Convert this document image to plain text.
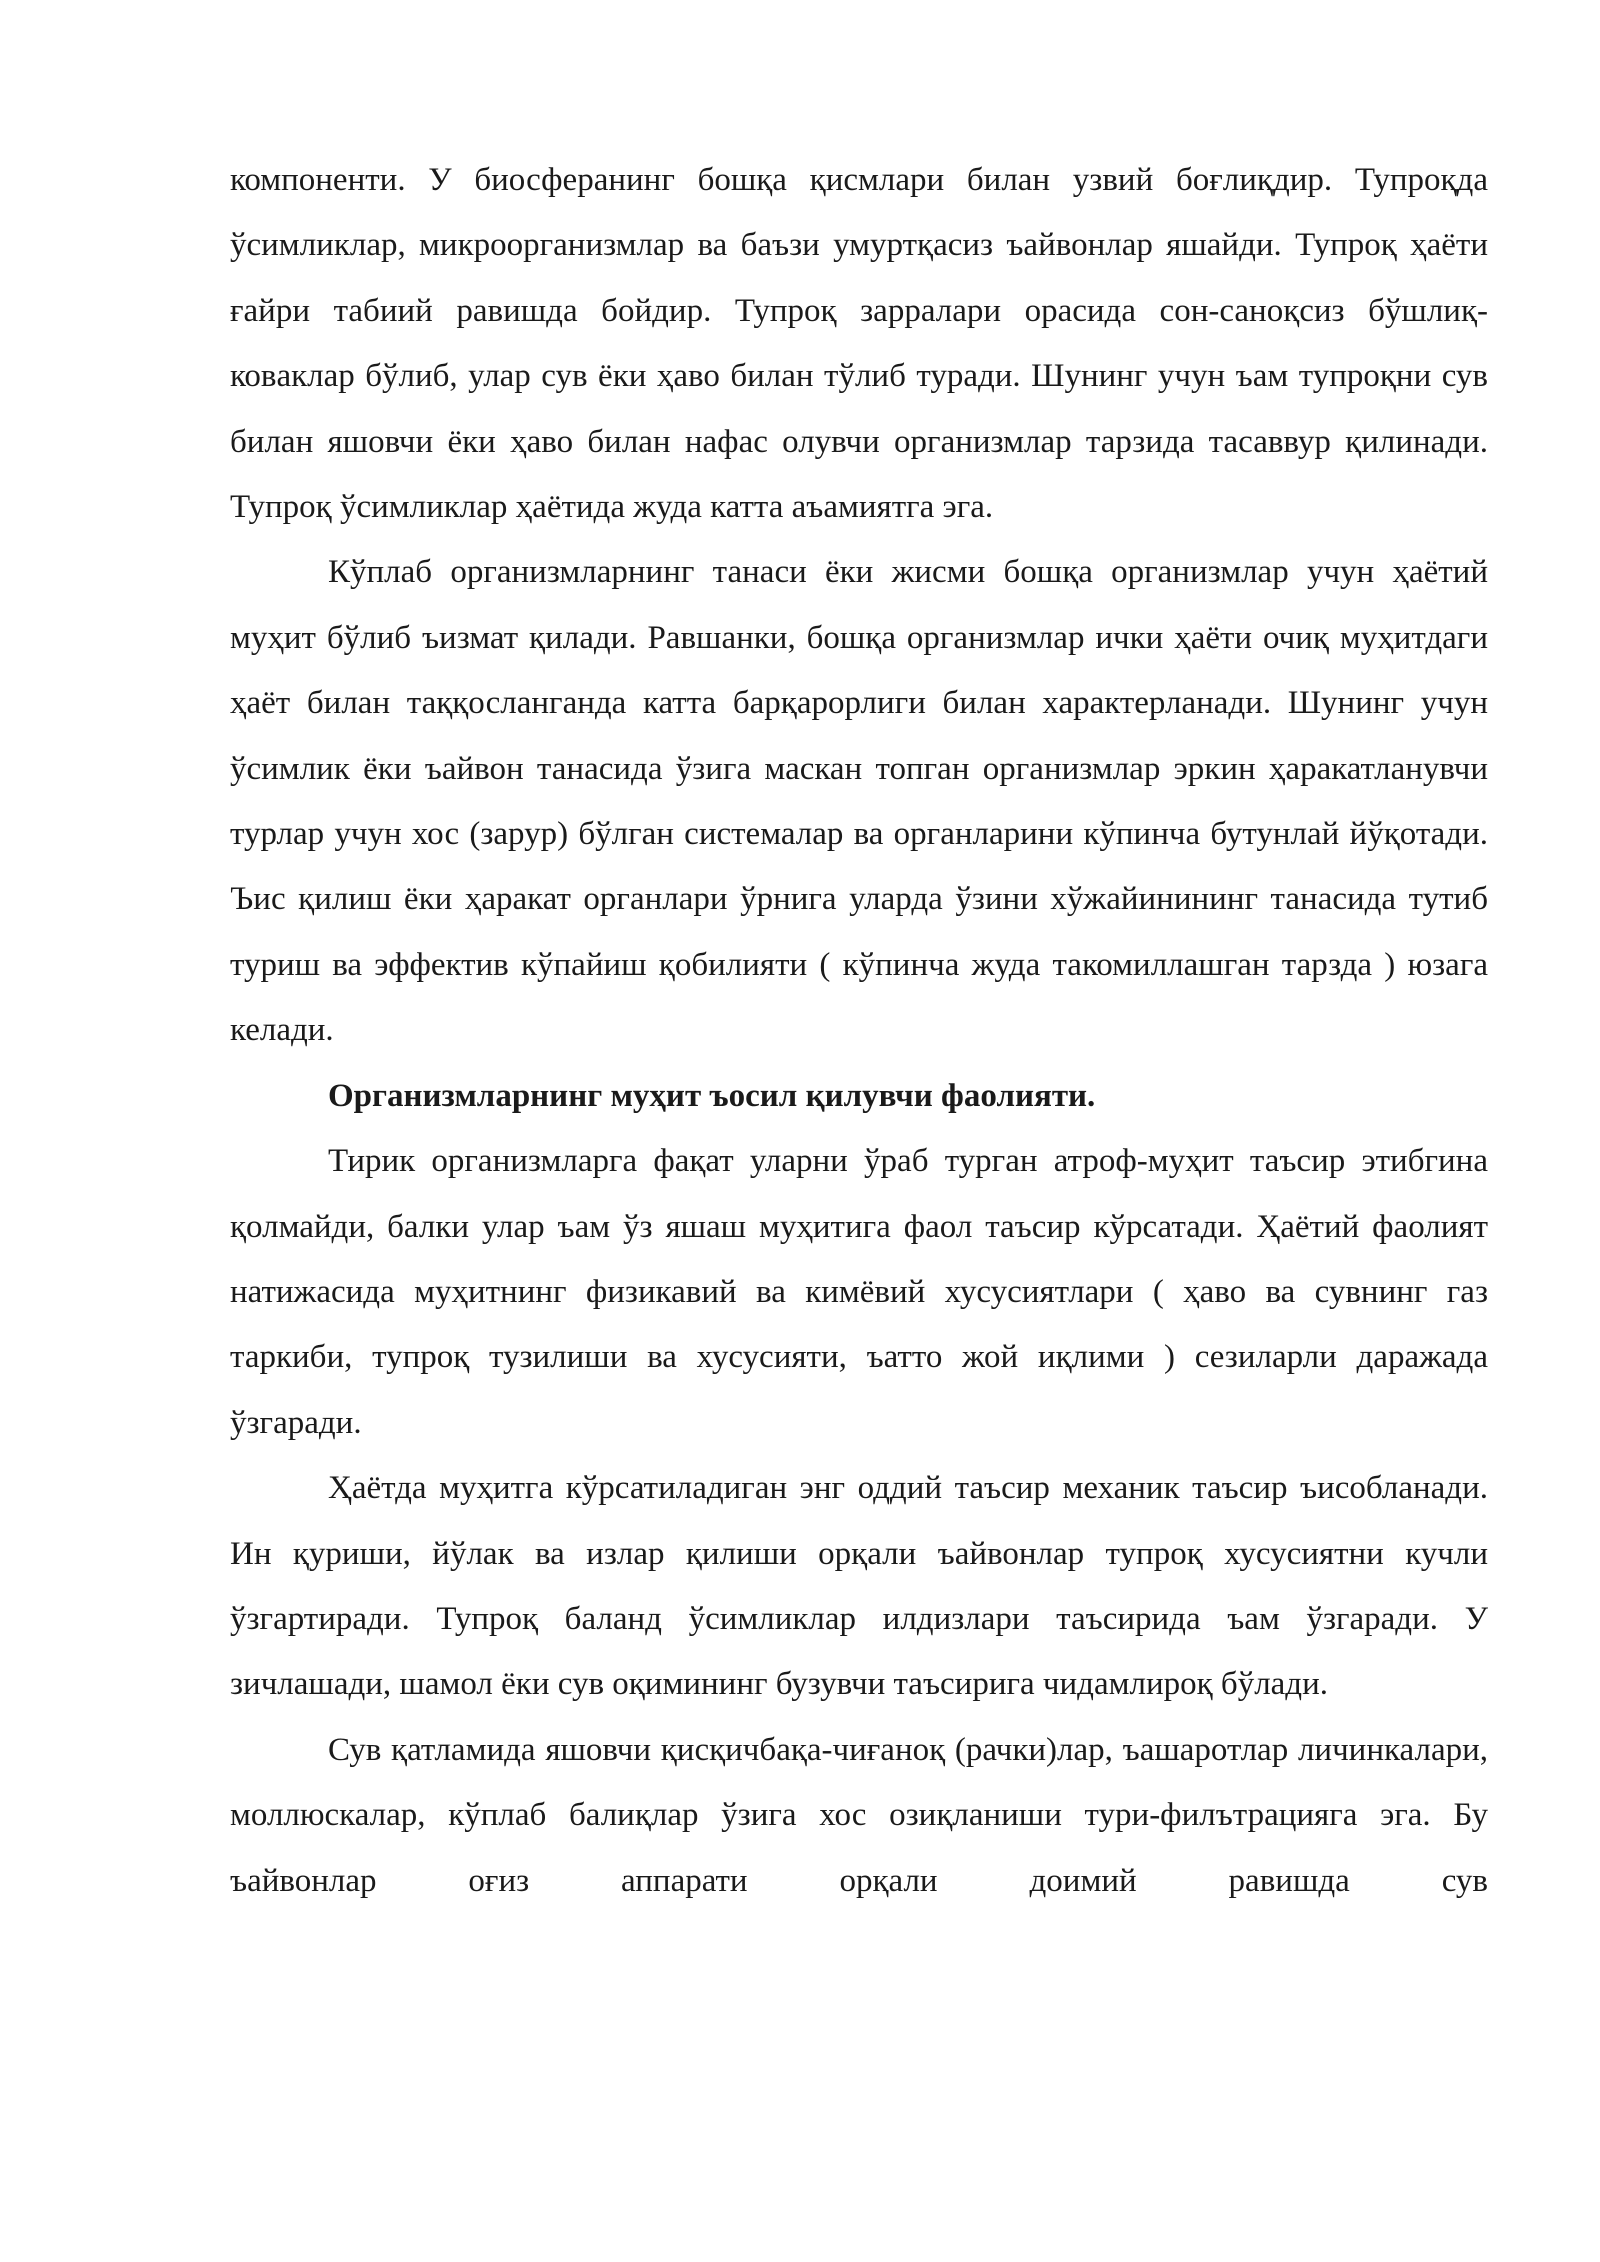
компоненти. У биосферанинг бошқа қисмлари билан узвий боғлиқдир. Тупроқда ўсимликлар, микроорганизмлар ва баъзи умуртқасиз ъайвонлар яшайди. Тупроқ ҳаёти ғайри табиий равишда бойдир. Тупроқ зарралари орасида сон-саноқсиз бўшлиқ-ковaклар бўлиб, улар сув ёки ҳаво билан тўлиб туради. Шунинг учун ъам тупроқни сув билан яшовчи ёки ҳаво билан нафас олувчи организмлар тарзида тасаввур қилинади. Тупроқ ўсимликлар ҳаётида жуда катта аъамиятга эга.

Кўплаб организмларнинг танаси ёки жисми бошқа организмлар учун ҳаётий муҳит бўлиб ъизмат қилади. Равшанки, бошқа организмлар ички ҳаёти очиқ муҳитдаги ҳаёт билан таққосланганда катта барқарорлиги билан характерланади. Шунинг учун ўсимлик ёки ъайвон танасида ўзига маскан топган организмлар эркин ҳаракатланувчи турлар учун хос (зарур) бўлган системалар ва органларини кўпинча бутунлай йўқотади. Ъис қилиш ёки ҳаракат органлари ўрнига уларда ўзини хўжайинининг танасида тутиб туриш ва эффектив кўпайиш қобилияти ( кўпинча жуда такомиллашган тарзда ) юзага келади.

Организмларнинг муҳит ъосил қилувчи фаолияти.

Тирик организмларга фақат уларни ўраб турган атроф-муҳит таъсир этибгина қолмайди, балки улар ъам ўз яшаш муҳитига фаол таъсир кўрсатади. Ҳаётий фаолият натижасида муҳитнинг физикавий ва кимёвий хусусиятлари ( ҳаво ва сувнинг газ таркиби, тупроқ тузилиши ва хусусияти, ъатто жой иқлими ) сезиларли даражада ўзгаради.

Ҳаётда муҳитга кўрсатиладиган энг оддий таъсир механик таъсир ъисобланади. Ин қуриши, йўлак ва излар қилиши орқали ъайвонлар тупроқ хусусиятни кучли ўзгартиради. Тупроқ баланд ўсимликлар илдизлари таъсирида ъам ўзгаради. У зичлашади, шамол ёки сув оқимининг бузувчи таъсирига чидамлироқ бўлади.

Сув қатламида яшовчи қисқичбақа-чиғаноқ (рачки)лар, ъашаротлар личинкалари, моллюскалар, кўплаб балиқлар ўзига хос озиқланиши тури-филътрацияга эга. Бу ъайвонлар оғиз аппарати орқали доимий равишда сув
